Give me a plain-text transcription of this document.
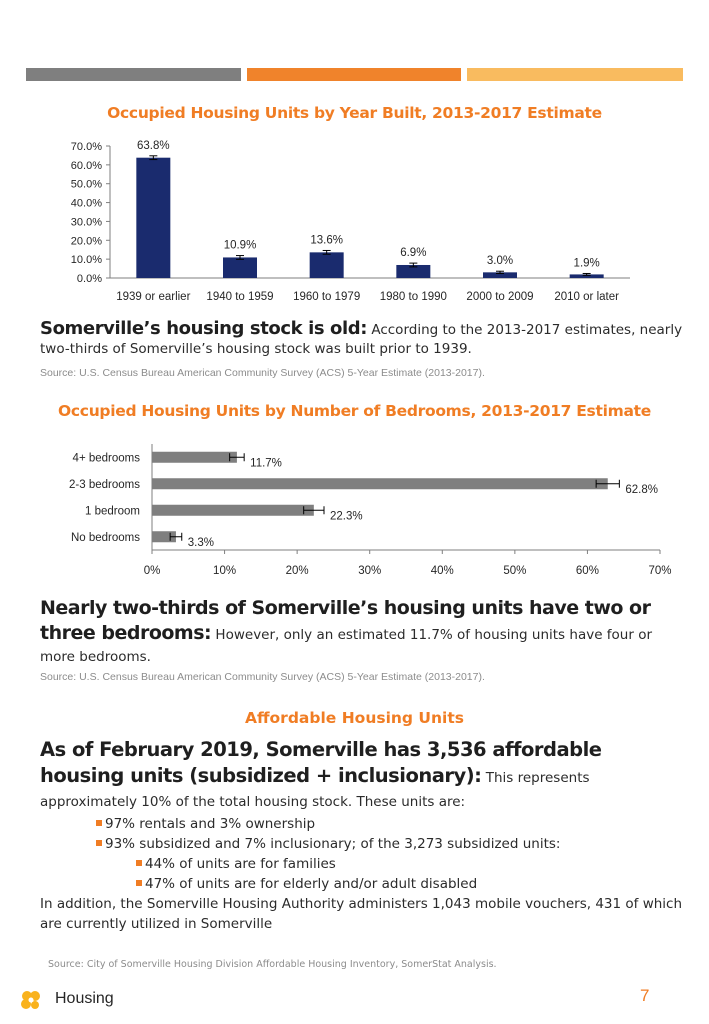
Occupied Housing Units by Year Built, 2013-2017 Estimate
0.0%
10.0%
20.0%
30.0%
40.0%
50.0%
60.0%
70.0%	63.8%
1939 or earlier
10.9%
1940 to 1959
13.6%
1960 to 1979
6.9%
1980 to 1990
3.0%
2000 to 2009
1.9%
2010 or later

Somerville’s housing stock is old: According to the 2013-2017 estimates, nearly two-thirds of Somerville’s housing stock was built prior to 1939.

Source: U.S. Census Bureau American Community Survey (ACS) 5-Year Estimate (2013-2017).
Occupied Housing Units by Number of Bedrooms, 2013-2017 Estimate
0%	10%	20%	30%	40%	50%	60%	70%
11.7%
4+ bedrooms
62.8%
2-3 bedrooms
22.3%
1 bedroom
3.3%
No bedrooms

Nearly two-thirds of Somerville’s housing units have two or three bedrooms: However, only an estimated 11.7% of housing units have four or more bedrooms.

Source: U.S. Census Bureau American Community Survey (ACS) 5-Year Estimate (2013-2017).
Affordable Housing Units

As of February 2019, Somerville has 3,536 affordable housing units (subsidized + inclusionary): This represents approximately 10% of the total housing stock. These units are:

97% rentals and 3% ownership

93% subsidized and 7% inclusionary; of the 3,273 subsidized units:

44% of units are for families

47% of units are for elderly and/or adult disabled

In addition, the Somerville Housing Authority administers 1,043 mobile vouchers, 431 of which are currently utilized in Somerville

Source: City of Somerville Housing Division Affordable Housing Inventory, SomerStat Analysis.
Housing	7
